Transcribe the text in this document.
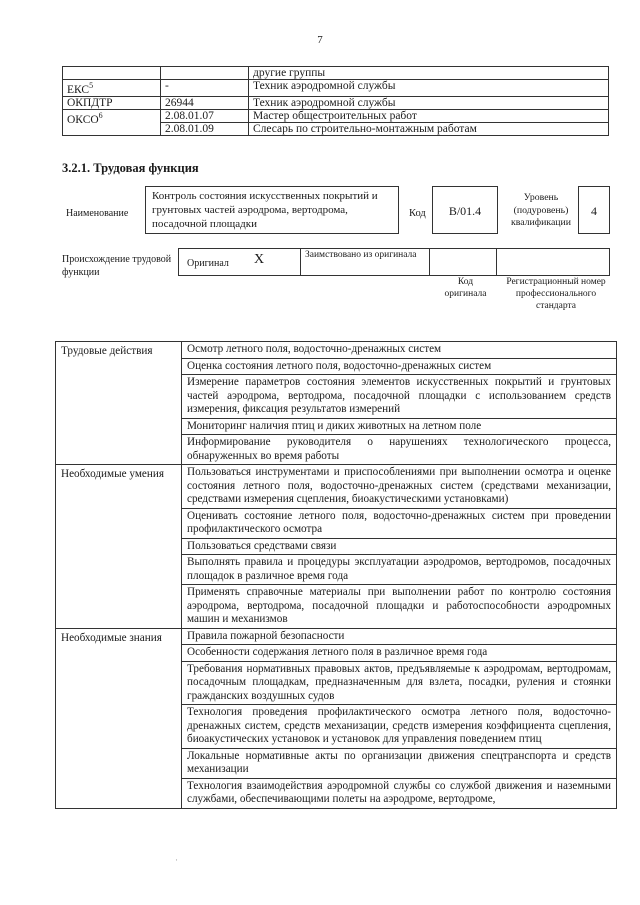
7
		другие группы
ЕКС$^5$	-	Техник аэродромной службы
ОКПДТР	26944	Техник аэродромной службы
ОКСО$^6$	2.08.01.07	Мастер общестроительных работ
	2.08.01.09	Слесарь по строительно-монтажным работам
3.2.1. Трудовая функция
Наименование
Контроль состояния искусственных покрытий и грунтовых частей аэродрома, вертодрома, посадочной площадки
Код	B/01.4
Уровень (подуровень) квалификации
4
Происхождение трудовой функции
Оригинал X	Заимствовано из оригинала
Код оригинала
Регистрационный номер профессионального стандарта
Трудовые действия	Осмотр летного поля, водосточно-дренажных систем
	Оценка состояния летного поля, водосточно-дренажных систем
	Измерение параметров состояния элементов искусственных покрытий и грунтовых частей аэродрома, вертодрома, посадочной площадки с использованием средств измерения, фиксация результатов измерений
	Мониторинг наличия птиц и диких животных на летном поле
	Информирование руководителя о нарушениях технологического процесса, обнаруженных во время работы
Необходимые умения	Пользоваться инструментами и приспособлениями при выполнении осмотра и оценке состояния летного поля, водосточно-дренажных систем (средствами механизации, средствами измерения сцепления, биоакустическими установками)
	Оценивать состояние летного поля, водосточно-дренажных систем при проведении профилактического осмотра
	Пользоваться средствами связи
	Выполнять правила и процедуры эксплуатации аэродромов, вертодромов, посадочных площадок в различное время года
	Применять справочные материалы при выполнении работ по контролю состояния аэродрома, вертодрома, посадочной площадки и работоспособности аэродромных машин и механизмов
Необходимые знания	Правила пожарной безопасности
	Особенности содержания летного поля в различное время года
	Требования нормативных правовых актов, предъявляемые к аэродромам, вертодромам, посадочным площадкам, предназначенным для взлета, посадки, руления и стоянки гражданских воздушных судов
	Технология проведения профилактического осмотра летного поля, водосточно-дренажных систем, средств механизации, средств измерения коэффициента сцепления, биоакустических установок и установок для управления поведением птиц
	Локальные нормативные акты по организации движения спецтранспорта и средств механизации
	Технология взаимодействия аэродромной службы со службой движения и наземными службами, обеспечивающими полеты на аэродроме, вертодроме,
·
